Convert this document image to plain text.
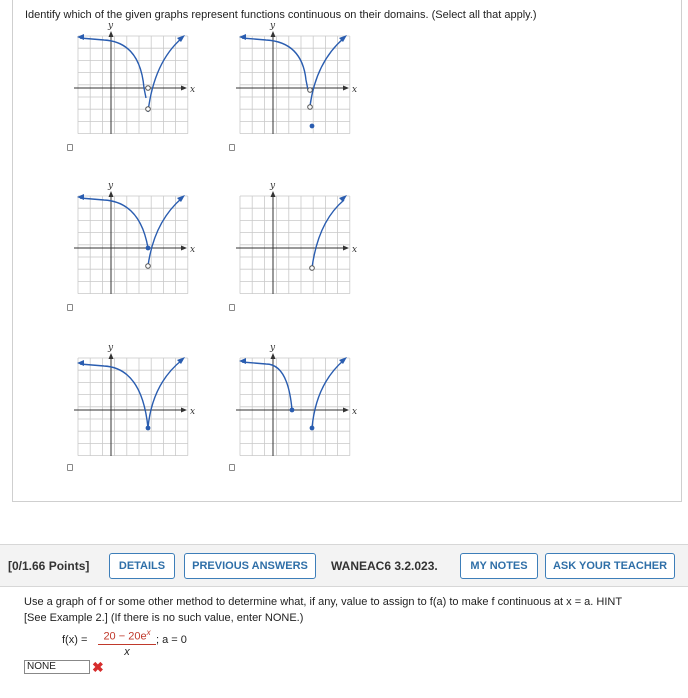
Identify which of the given graphs represent functions continuous on their domains. (Select all that apply.)
y
x
y
x
y
x
y
x
y
x
y
x
[0/1.66 Points]	DETAILS	PREVIOUS ANSWERS	WANEAC6 3.2.023.	MY NOTES	ASK YOUR TEACHER
Use a graph of f or some other method to determine what, if any, value to assign to f(a) to make f continuous at x = a. HINT
[See Example 2.] (If there is no such value, enter NONE.)
$f(x) = \frac{20 - 20e^x}{x}$ ; a = 0
NONE	✖
